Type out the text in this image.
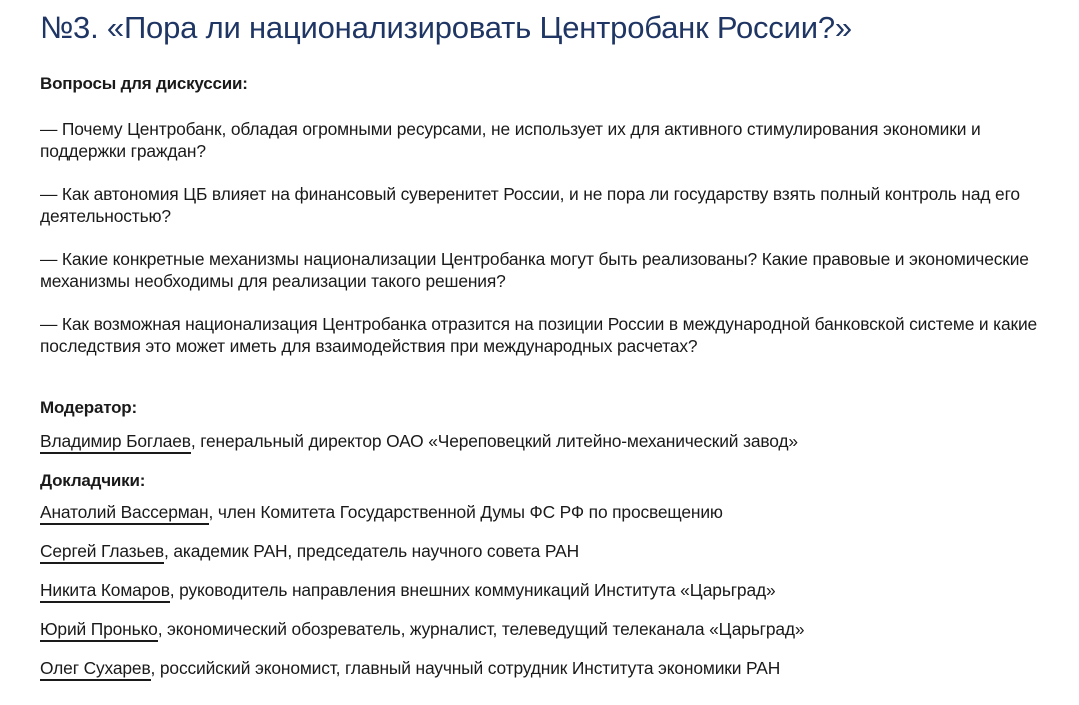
№3. «Пора ли национализировать Центробанк России?»

Вопросы для дискуссии:

— Почему Центробанк, обладая огромными ресурсами, не использует их для активного стимулирования экономики и поддержки граждан?
— Как автономия ЦБ влияет на финансовый суверенитет России, и не пора ли государству взять полный контроль над его деятельностью?
— Какие конкретные механизмы национализации Центробанка могут быть реализованы? Какие правовые и экономические механизмы необходимы для реализации такого решения?
— Как возможная национализация Центробанка отразится на позиции России в международной банковской системе и какие последствия это может иметь для взаимодействия при международных расчетах?

Модератор:

Владимир Боглаев, генеральный директор ОАО «Череповецкий литейно-механический завод»

Докладчики:

Анатолий Вассерман, член Комитета Государственной Думы ФС РФ по просвещению
Сергей Глазьев, академик РАН, председатель научного совета РАН
Никита Комаров, руководитель направления внешних коммуникаций Института «Царьград»
Юрий Пронько, экономический обозреватель, журналист, телеведущий телеканала «Царьград»
Олег Сухарев, российский экономист, главный научный сотрудник Института экономики РАН
